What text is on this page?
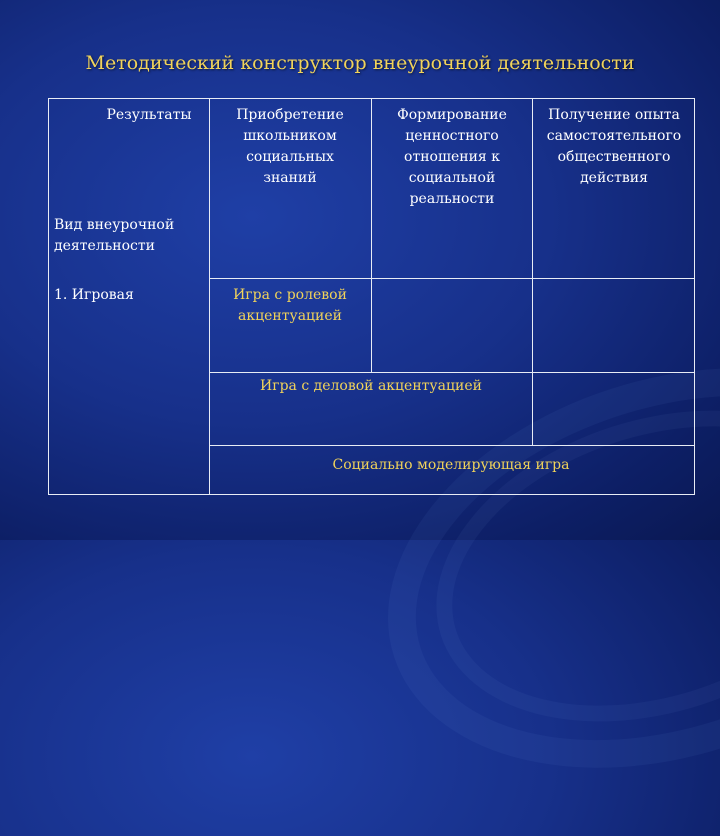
Методический конструктор внеурочной деятельности
Результаты
Вид внеурочной деятельности
Приобретение школьником социальных знаний
Формирование ценностного отношения к социальной реальности
Получение опыта самостоятельного общественного действия
1. Игровая	Игра с ролевой акцентуацией
Игра с деловой акцентуацией
Социально моделирующая игра
